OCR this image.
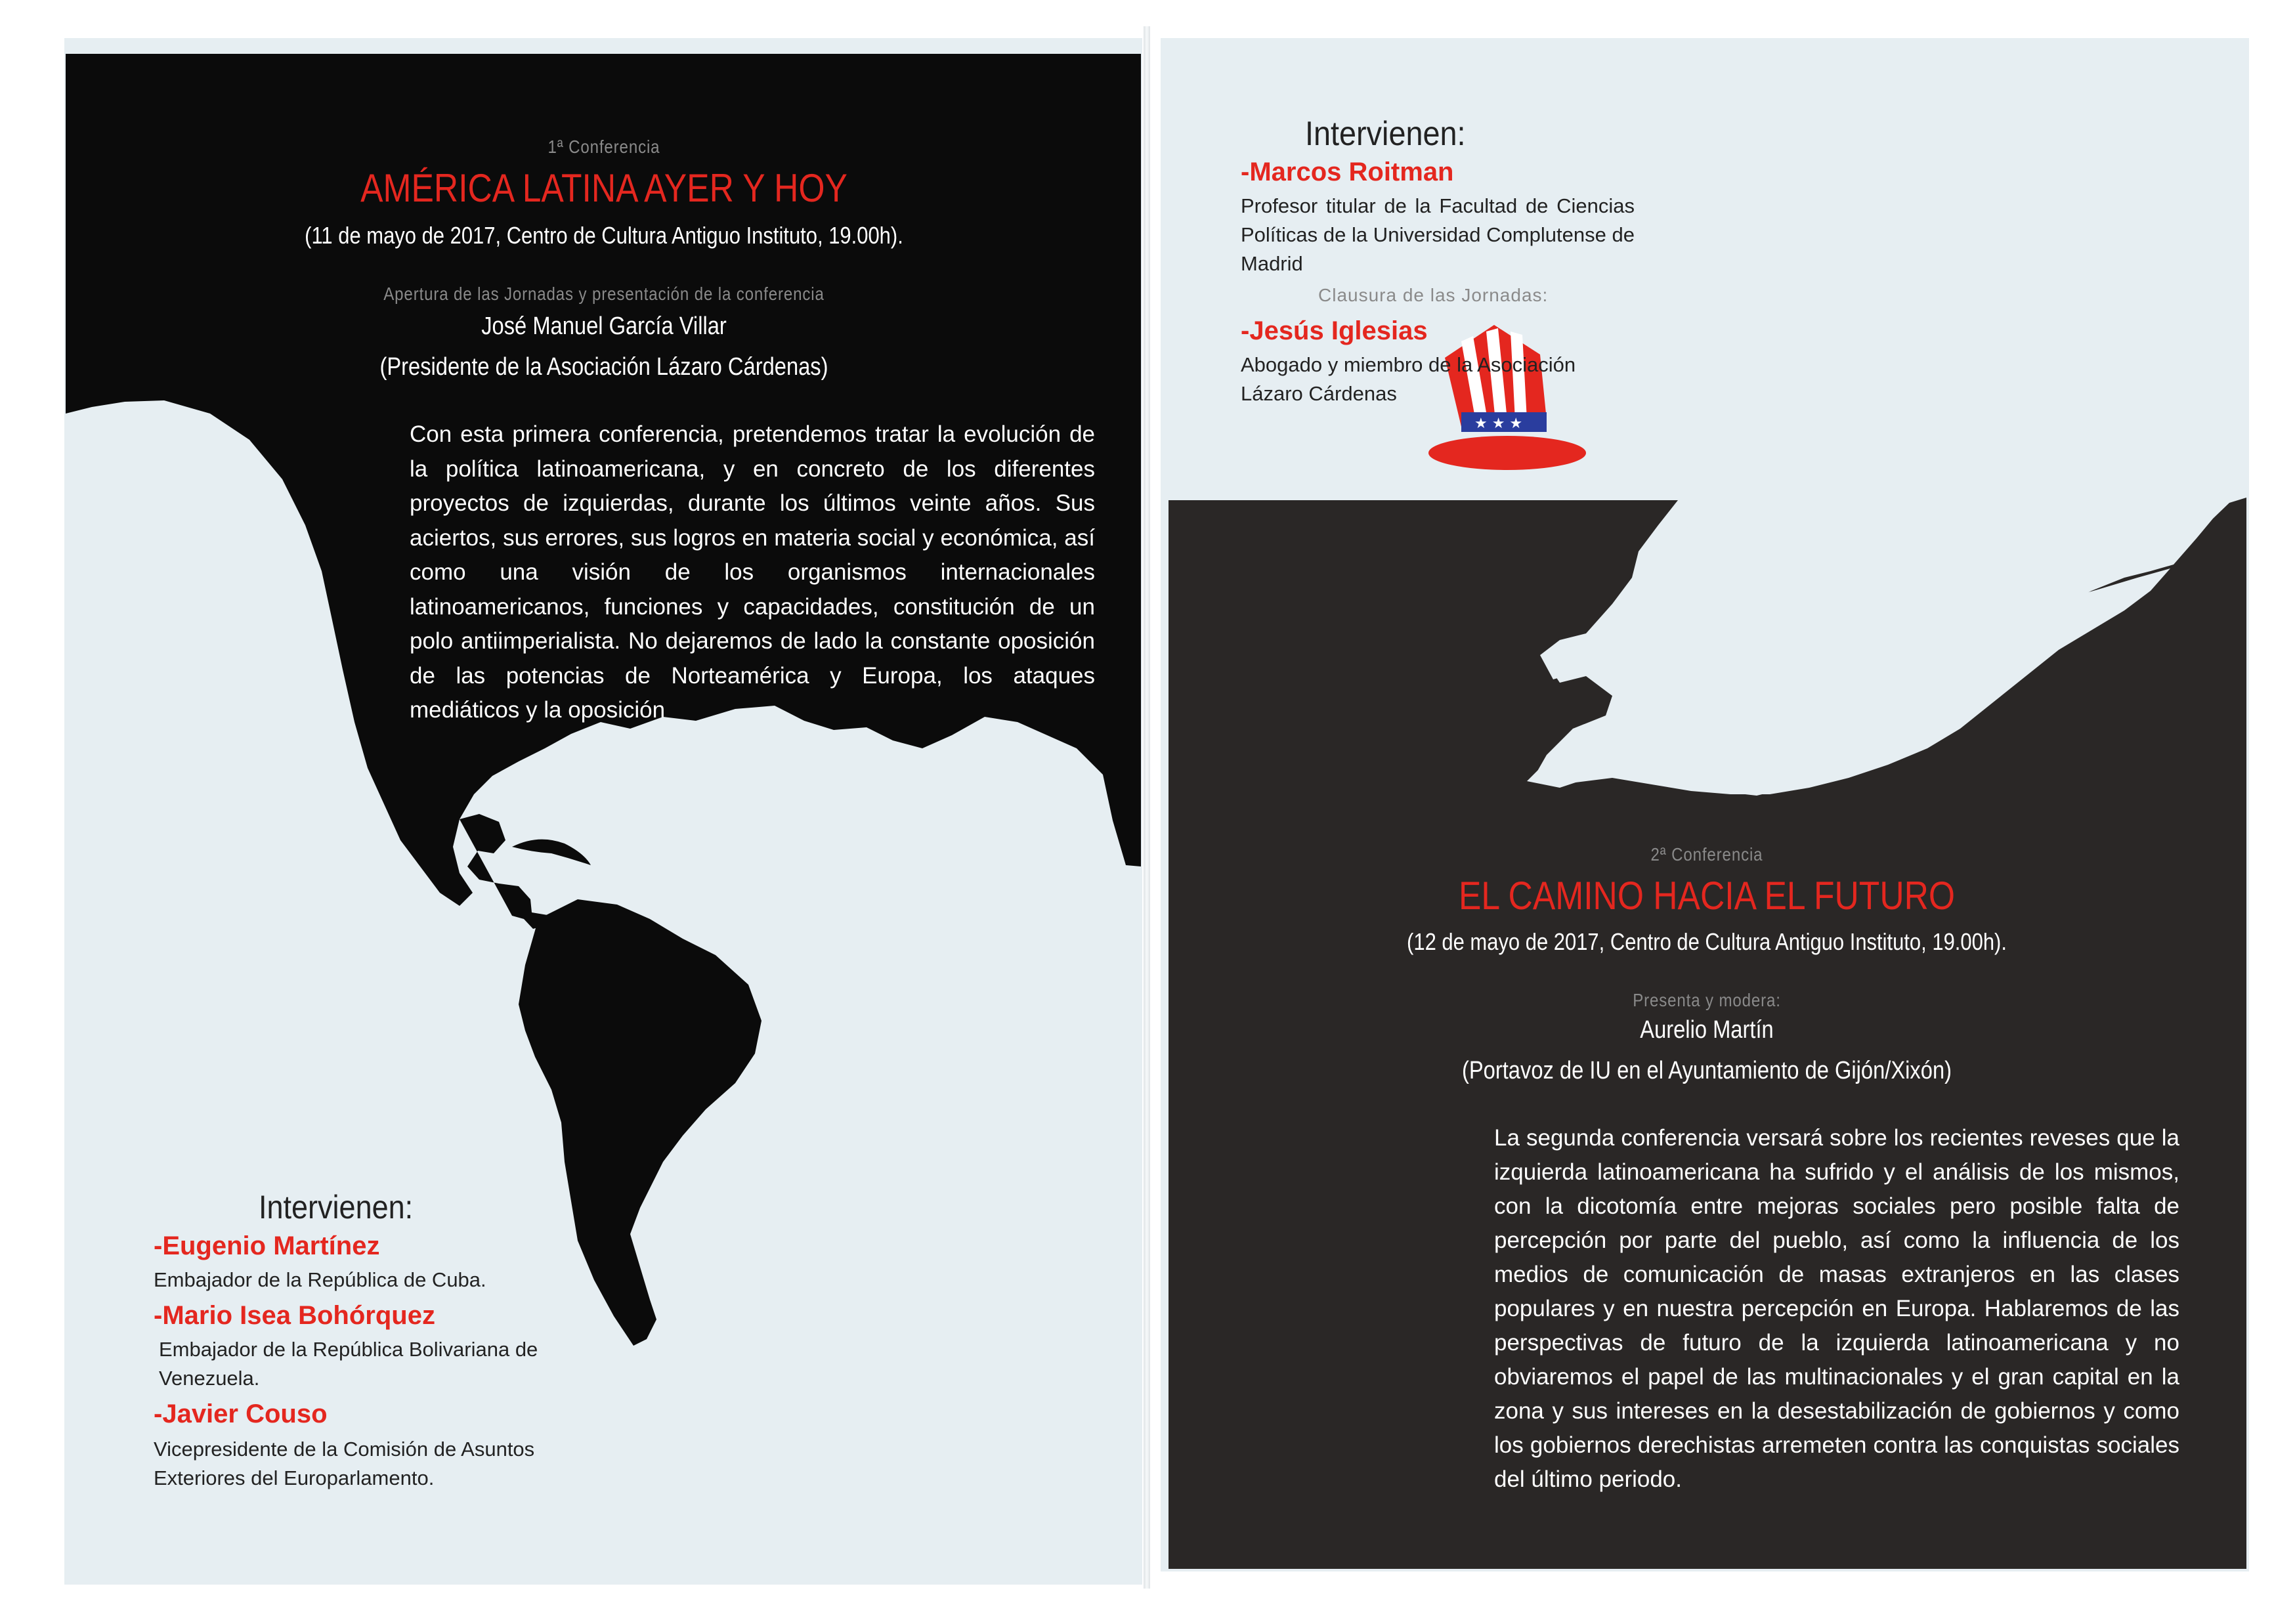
1ª Conferencia

AMÉRICA LATINA AYER Y HOY

(11 de mayo de 2017, Centro de Cultura Antiguo Instituto, 19.00h).

Apertura de las Jornadas y presentación de la conferencia

José Manuel García Villar

(Presidente de la Asociación Lázaro Cárdenas)

Con esta primera conferencia, pretendemos tratar la evolución de la política latinoamericana, y en concreto de los diferentes proyectos de izquierdas, durante los últimos veinte años. Sus aciertos, sus errores, sus logros en materia social y económica, así como una visión de los organismos internacionales latinoamericanos, funciones y capacidades, constitución de un polo antiimperialista. No dejaremos de lado la constante oposición de las potencias de Norteamérica y Europa, los ataques mediáticos y la oposición

Intervienen:

-Eugenio Martínez

Embajador de la República de Cuba.

-Mario Isea Bohórquez

Embajador de la República Bolivariana de Venezuela.

-Javier Couso

Vicepresidente de la Comisión de Asuntos Exteriores del Europarlamento.

★ ★ ★

Intervienen:

-Marcos Roitman

Profesor titular de la Facultad de Ciencias Políticas de la Universidad Complutense de Madrid

Clausura de las Jornadas:

-Jesús Iglesias

Abogado y miembro de la Asociación Lázaro Cárdenas

2ª Conferencia

EL CAMINO HACIA EL FUTURO

(12 de mayo de 2017, Centro de Cultura Antiguo Instituto, 19.00h).

Presenta y modera:

Aurelio Martín

(Portavoz de IU en el Ayuntamiento de Gijón/Xixón)

La segunda conferencia versará sobre los recientes reveses que la izquierda latinoamericana ha sufrido y el análisis de los mismos, con la dicotomía entre mejoras sociales pero posible falta de percepción por parte del pueblo, así como la influencia de los medios de comunicación de masas extranjeros en las clases populares y en nuestra percepción en Europa. Hablaremos de las perspectivas de futuro de la izquierda latinoamericana y no obviaremos el papel de las multinacionales y el gran capital en la zona y sus intereses en la desestabilización de gobiernos y como los gobiernos derechistas arremeten contra las conquistas sociales del último periodo.
